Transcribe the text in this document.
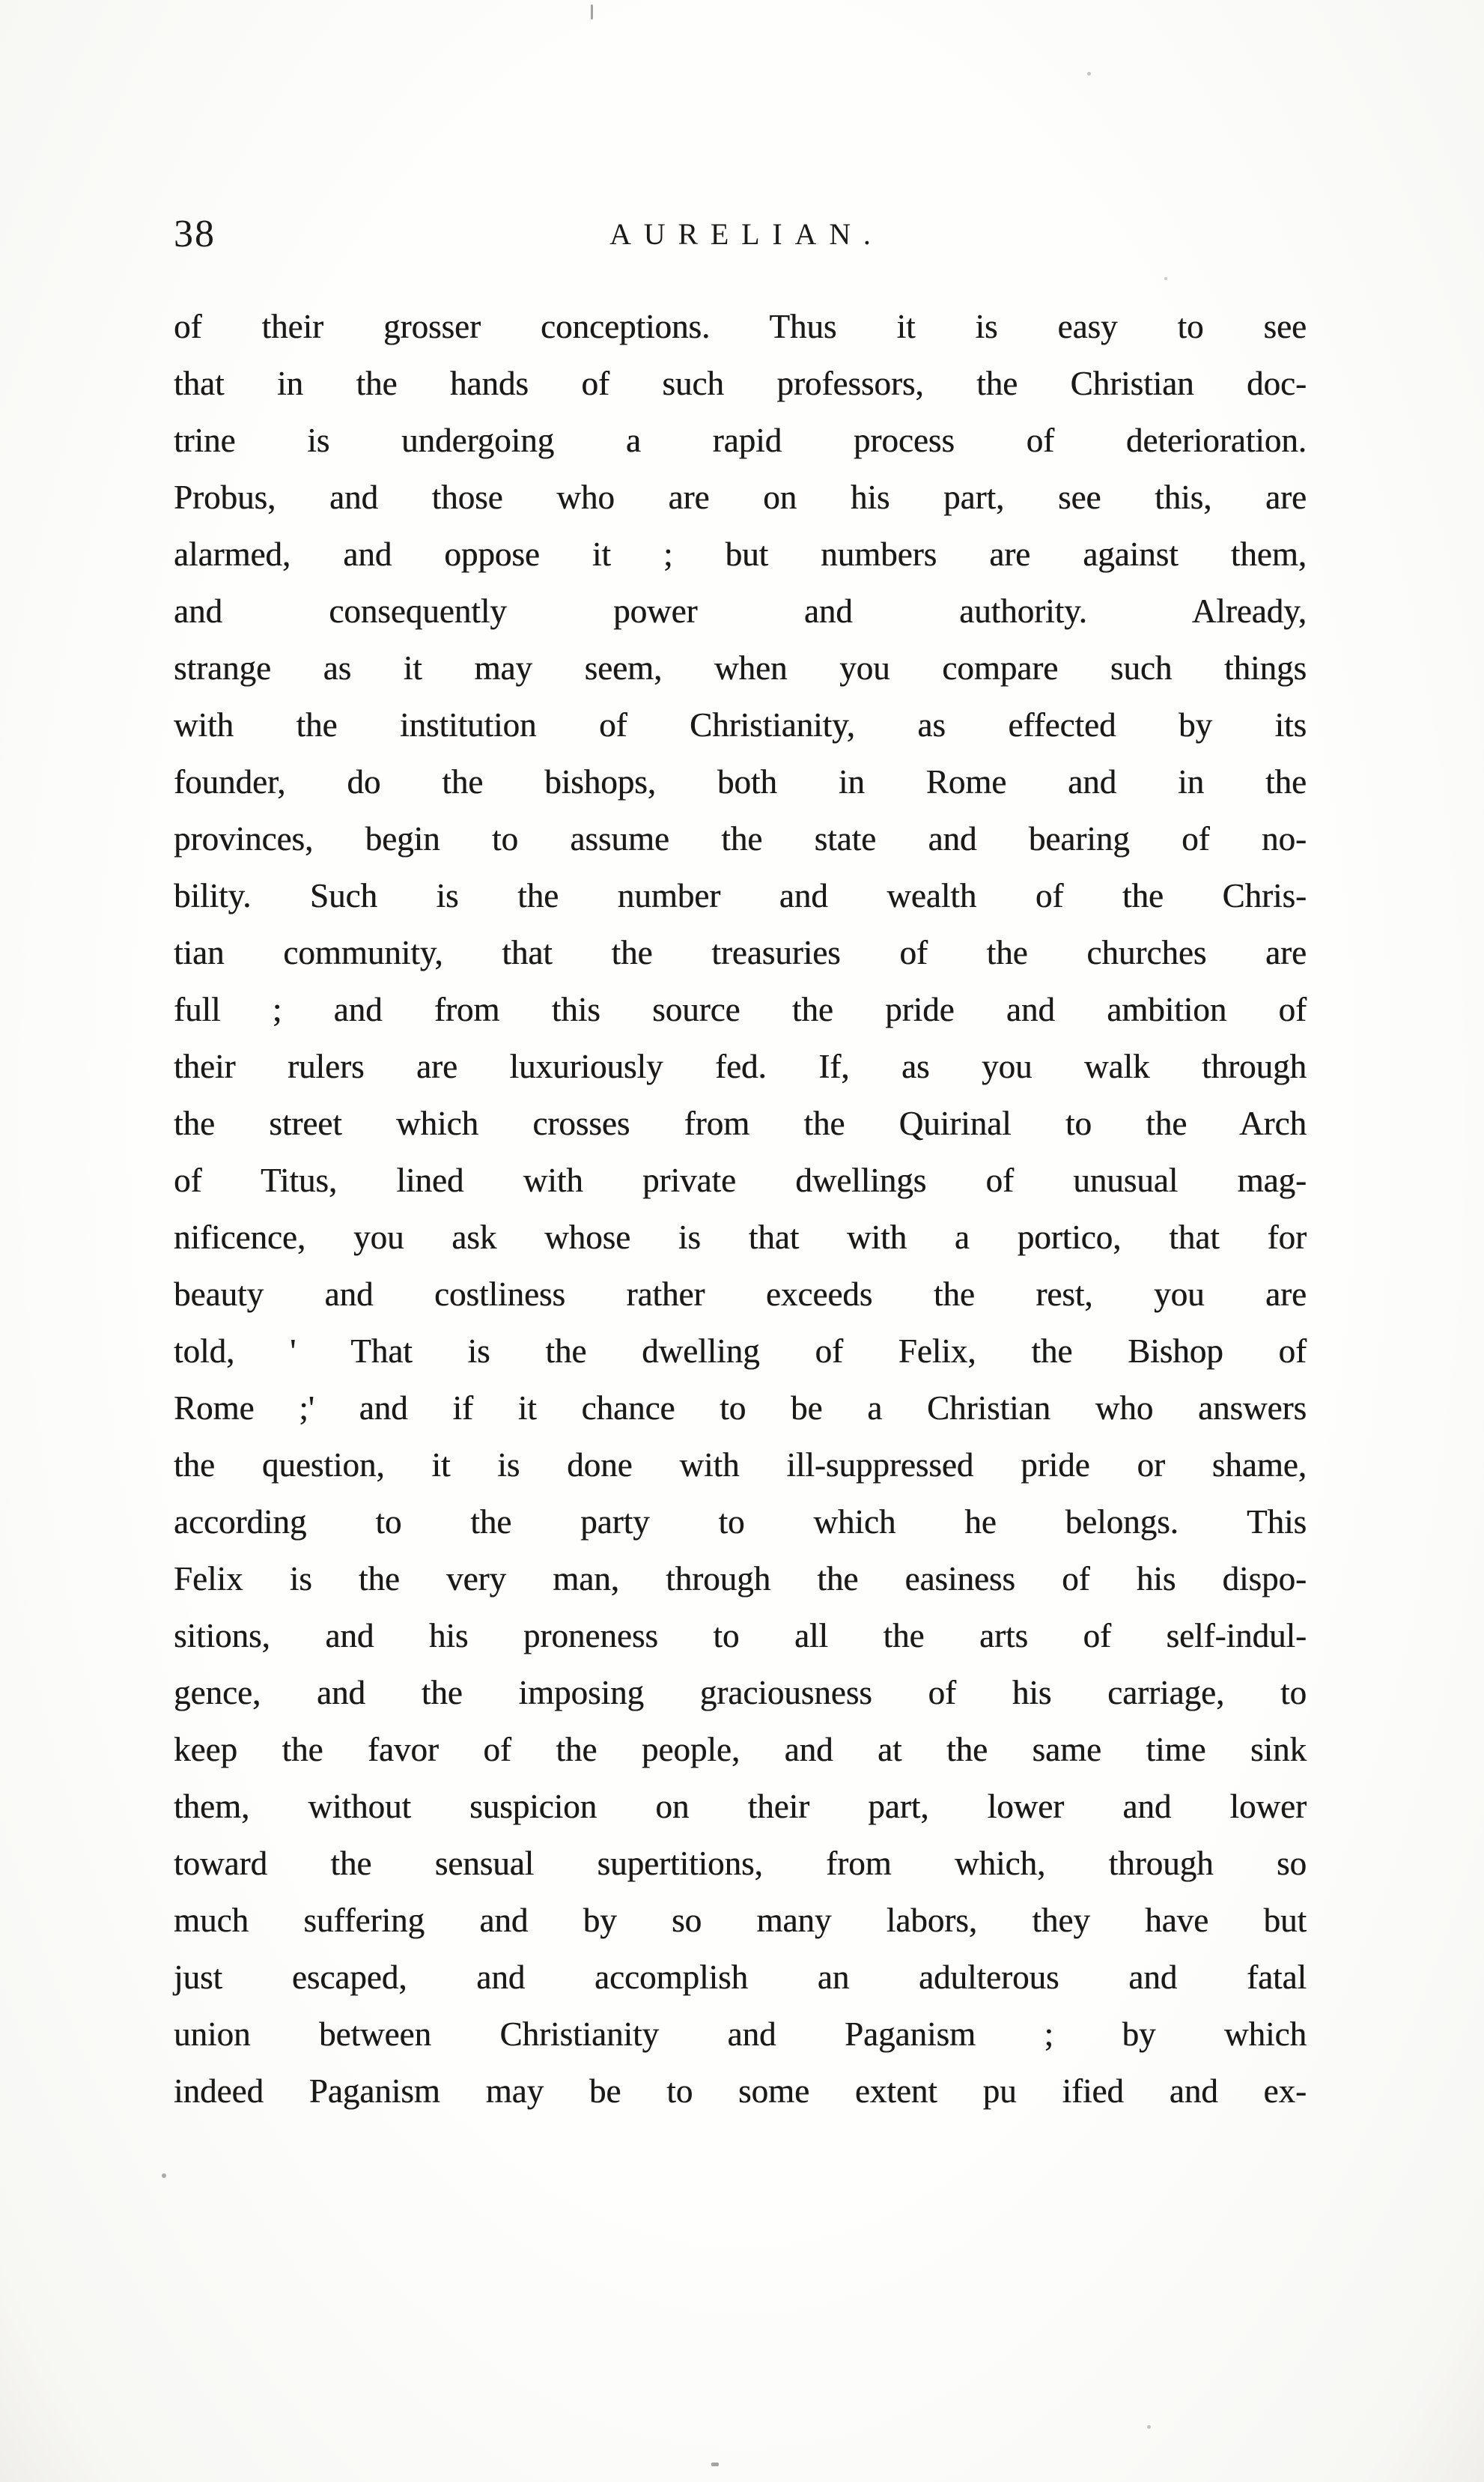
38	AURELIAN.
of their grosser conceptions. Thus it is easy to see
that in the hands of such professors, the Christian doc-
trine is undergoing a rapid process of deterioration.
Probus, and those who are on his part, see this, are
alarmed, and oppose it ; but numbers are against them,
and consequently power and authority. Already,
strange as it may seem, when you compare such things
with the institution of Christianity, as effected by its
founder, do the bishops, both in Rome and in the
provinces, begin to assume the state and bearing of no-
bility. Such is the number and wealth of the Chris-
tian community, that the treasuries of the churches are
full ; and from this source the pride and ambition of
their rulers are luxuriously fed. If, as you walk through
the street which crosses from the Quirinal to the Arch
of Titus, lined with private dwellings of unusual mag-
nificence, you ask whose is that with a portico, that for
beauty and costliness rather exceeds the rest, you are
told, ' That is the dwelling of Felix, the Bishop of
Rome ;' and if it chance to be a Christian who answers
the question, it is done with ill-suppressed pride or shame,
according to the party to which he belongs. This
Felix is the very man, through the easiness of his dispo-
sitions, and his proneness to all the arts of self-indul-
gence, and the imposing graciousness of his carriage, to
keep the favor of the people, and at the same time sink
them, without suspicion on their part, lower and lower
toward the sensual supertitions, from which, through so
much suffering and by so many labors, they have but
just escaped, and accomplish an adulterous and fatal
union between Christianity and Paganism ; by which
indeed Paganism may be to some extent pu ified and ex-
